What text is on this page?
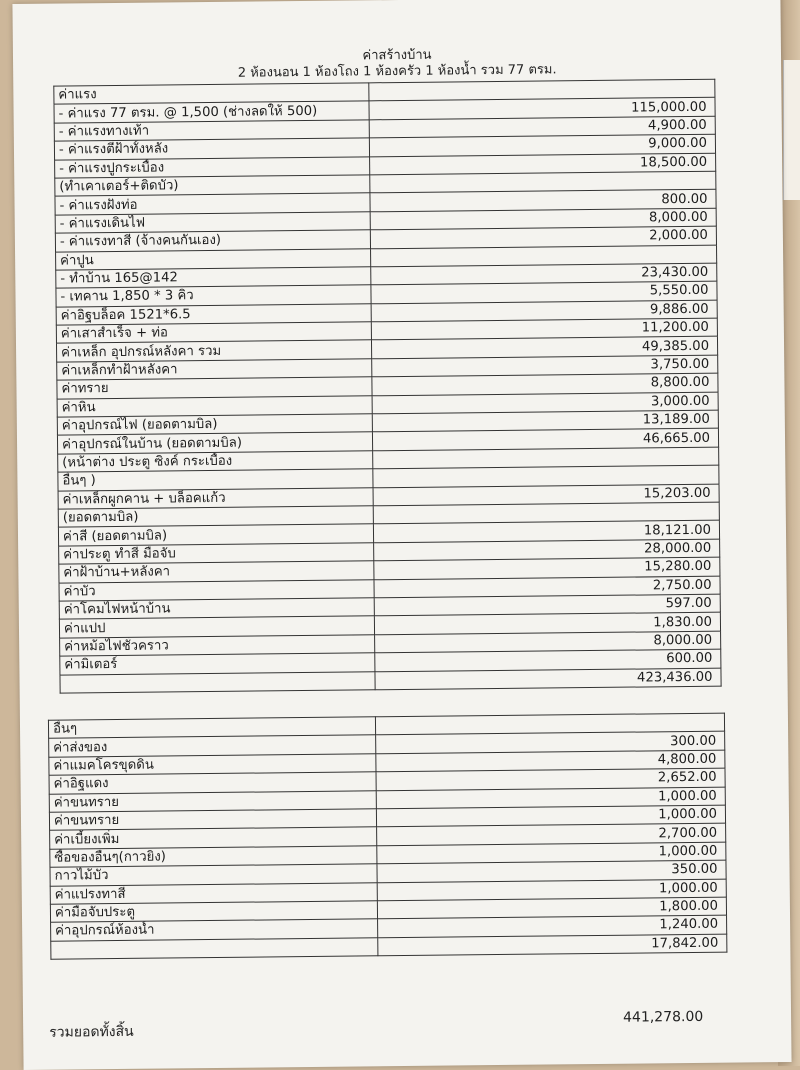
ค่าสร้างบ้าน
2 ห้องนอน 1 ห้องโถง 1 ห้องครัว 1 ห้องน้ำ รวม 77 ตรม.
ค่าแรง	
- ค่าแรง 77 ตรม. @ 1,500 (ช่างลดให้ 500)	115,000.00
- ค่าแรงทางเท้า	4,900.00
- ค่าแรงตีฝ้าทั้งหลัง	9,000.00
- ค่าแรงปูกระเบื้อง	18,500.00
(ทำเคาเตอร์+ติดบัว)	
- ค่าแรงฝังท่อ	800.00
- ค่าแรงเดินไฟ	8,000.00
- ค่าแรงทาสี (จ้างคนกันเอง)	2,000.00
ค่าปูน	
- ทำบ้าน 165@142	23,430.00
- เทคาน 1,850 * 3 คิว	5,550.00
ค่าอิฐบล็อค 1521*6.5	9,886.00
ค่าเสาสำเร็จ + ท่อ	11,200.00
ค่าเหล็ก อุปกรณ์หลังคา รวม	49,385.00
ค่าเหล็กทำฝ้าหลังคา	3,750.00
ค่าทราย	8,800.00
ค่าหิน	3,000.00
ค่าอุปกรณ์ไฟ (ยอดตามบิล)	13,189.00
ค่าอุปกรณ์ในบ้าน (ยอดตามบิล)	46,665.00
(หน้าต่าง ประตู ซิงค์ กระเบื้อง	
อื่นๆ )	
ค่าเหล็กผูกคาน + บล็อคแก้ว	15,203.00
(ยอดตามบิล)	
ค่าสี (ยอดตามบิล)	18,121.00
ค่าประตู ทำสี มือจับ	28,000.00
ค่าฝ้าบ้าน+หลังคา	15,280.00
ค่าบัว	2,750.00
ค่าโคมไฟหน้าบ้าน	597.00
ค่าแปป	1,830.00
ค่าหม้อไฟชั่วคราว	8,000.00
ค่ามิเตอร์	600.00
	423,436.00
อื่นๆ	
ค่าส่งของ	300.00
ค่าแมคโครขุดดิน	4,800.00
ค่าอิฐแดง	2,652.00
ค่าขนทราย	1,000.00
ค่าขนทราย	1,000.00
ค่าเบี้ยงเพิ่ม	2,700.00
ซื้อของอื่นๆ(กาวยิง)	1,000.00
กาวไม้บัว	350.00
ค่าแปรงทาสี	1,000.00
ค่ามือจับประตู	1,800.00
ค่าอุปกรณ์ห้องน้ำ	1,240.00
	17,842.00
รวมยอดทั้งสิ้น
441,278.00
